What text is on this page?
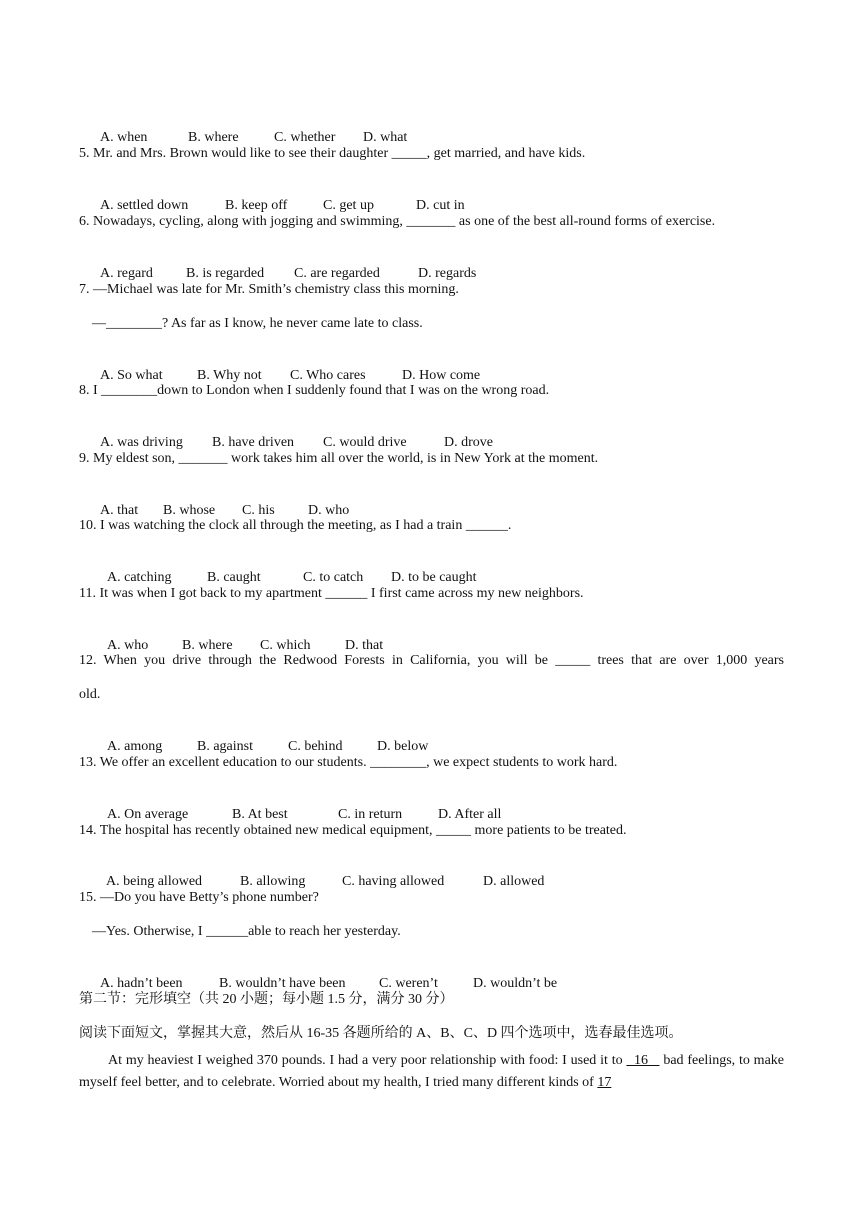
A. when	B. where	C. whether D. what

5. Mr. and Mrs. Brown would like to see their daughter _____, get married, and have kids.

A. settled down	B. keep off	C. get up	D. cut in

6. Nowadays, cycling, along with jogging and swimming, _______ as one of the best all-round forms of exercise.

A. regard B. is regarded C. are regarded	D. regards

7. —Michael was late for Mr. Smith’s chemistry class this morning.
—________? As far as I know, he never came late to class.

A. So what B. Why not C. Who cares	D. How come

8. I ________down to London when I suddenly found that I was on the wrong road.

A. was driving B. have driven C. would drive	D. drove

9. My eldest son, _______ work takes him all over the world, is in New York at the moment.

A. that B. whose C. his D. who

10. I was watching the clock all through the meeting, as I had a train ______.

A. catching	B. caught	C. to catch D. to be caught

11. It was when I got back to my apartment ______ I first came across my new neighbors.

A. who B. where C. which D. that

12. When you drive through the Redwood Forests in California, you will be _____ trees that are over 1,000 years
old.

A. among B. against	C. behind D. below

13. We offer an excellent education to our students. ________, we expect students to work hard.

A. On average	B. At best	C. in return	D. After all

14. The hospital has recently obtained new medical equipment, _____ more patients to be treated.

A. being allowed	B. allowing	C. having allowed	D. allowed

15. —Do you have Betty’s phone number?
—Yes. Otherwise, I ______able to reach her yesterday.

A. hadn’t been	B. wouldn’t have been C. weren’t	D. wouldn’t be

第二节：完形填空（共 20 小题；每小题 1.5 分，满分 30 分）
阅读下面短文，掌握其大意，然后从 16-35 各题所给的 A、B、C、D 四个选项中，选春最佳选项。
At my heaviest I weighed 370 pounds. I had a very poor relationship with food: I used it to   16    bad feelings, to make myself feel better, and to celebrate. Worried about my health, I tried many different kinds of 17
